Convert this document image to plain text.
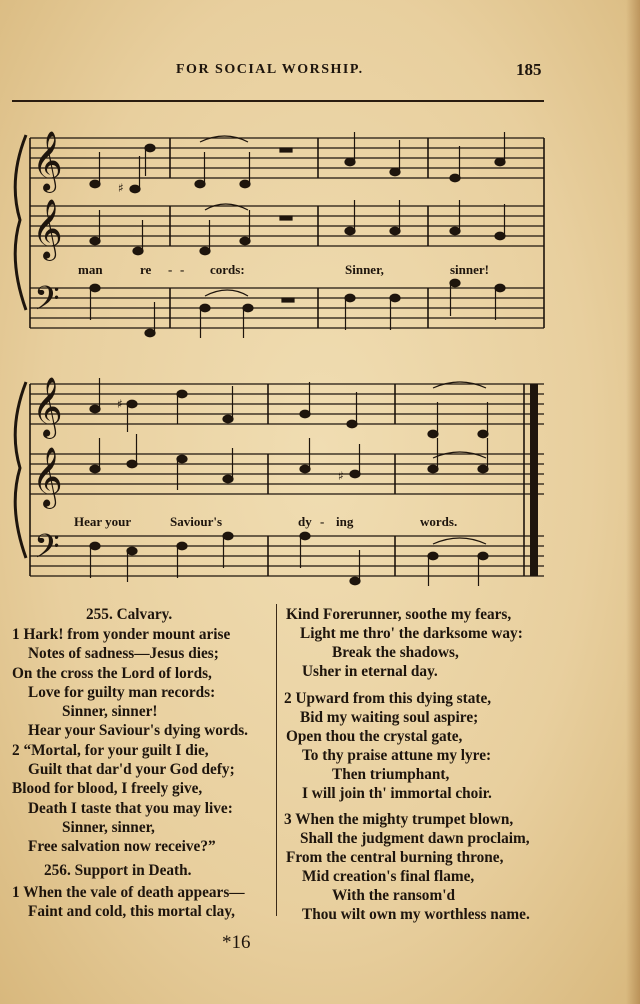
FOR SOCIAL WORSHIP.	185
𝄞
𝄞
𝄢
♯
man	re - - cords:	Sinner,	sinner!
𝄞
𝄞
𝄢
♯
♯
Hear your	Saviour's	dy - ing	words.
255. Calvary.
1 Hark! from yonder mount arise
Notes of sadness—Jesus dies;
On the cross the Lord of lords,
Love for guilty man records:
Sinner, sinner!
Hear your Saviour's dying words.
2 “Mortal, for your guilt I die,
Guilt that dar'd your God defy;
Blood for blood, I freely give,
Death I taste that you may live:
Sinner, sinner,
Free salvation now receive?”
256. Support in Death.
1 When the vale of death appears—
Faint and cold, this mortal clay,
Kind Forerunner, soothe my fears,
Light me thro' the darksome way:
Break the shadows,
Usher in eternal day.
2 Upward from this dying state,
Bid my waiting soul aspire;
Open thou the crystal gate,
To thy praise attune my lyre:
Then triumphant,
I will join th' immortal choir.
3 When the mighty trumpet blown,
Shall the judgment dawn proclaim,
From the central burning throne,
Mid creation's final flame,
With the ransom'd
Thou wilt own my worthless name.
*16
